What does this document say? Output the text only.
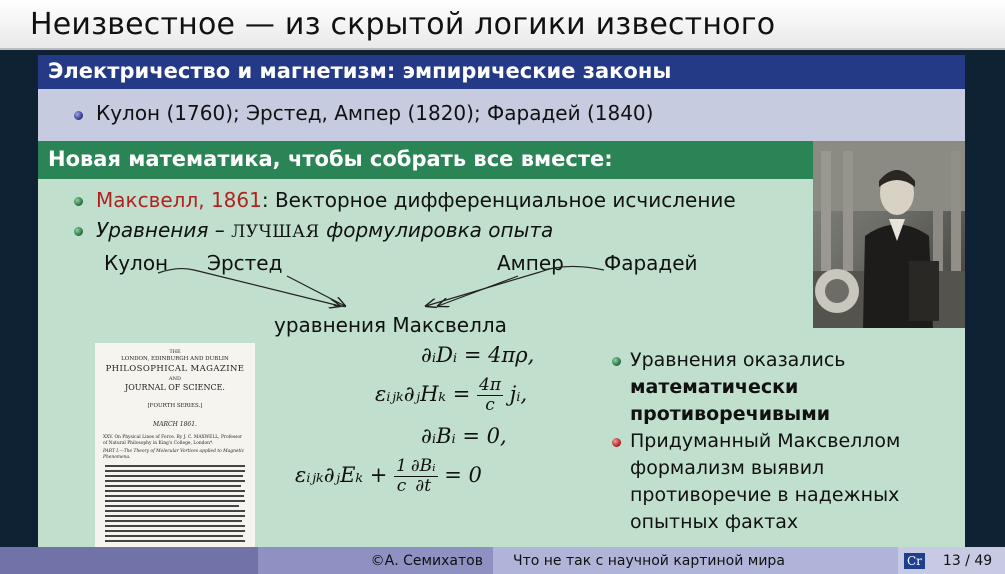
Неизвестное — из скрытой логики известного
Электричество и магнетизм: эмпирические законы
Кулон (1760); Эрстед, Ампер (1820); Фарадей (1840)
Максвелл, 1861: Векторное дифференциальное исчисление
Уравнения – ЛУЧШАЯ формулировка опыта
Новая математика, чтобы собрать все вместе:
Кулон Эрстед	Ампер Фарадей
уравнения Максвелла
THE
LONDON, EDINBURGH AND DUBLIN
PHILOSOPHICAL MAGAZINE
AND
JOURNAL OF SCIENCE.
[FOURTH SERIES.]
MARCH 1861.
XXV. On Physical Lines of Force. By J. C. MAXWELL, Professor of Natural Philosophy in King's College, London*.
PART I.—The Theory of Molecular Vortices applied to Magnetic Phenomena.
∂ᵢDᵢ = 4πρ,
εᵢⱼₖ∂ⱼHₖ = $\frac{4\pi}{c}$ jᵢ,
∂ᵢBᵢ = 0,
εᵢⱼₖ∂ⱼEₖ + $\frac{1}{c} \frac{\text{∂Bᵢ}}{\partial t} = 0$
Уравнения оказались
математически
противоречивыми
Придуманный Максвеллом
формализм выявил
противоречие в надежных
опытных фактах
©А. Семихатов	Что не так с научной картиной мира	Cr 13 / 49
